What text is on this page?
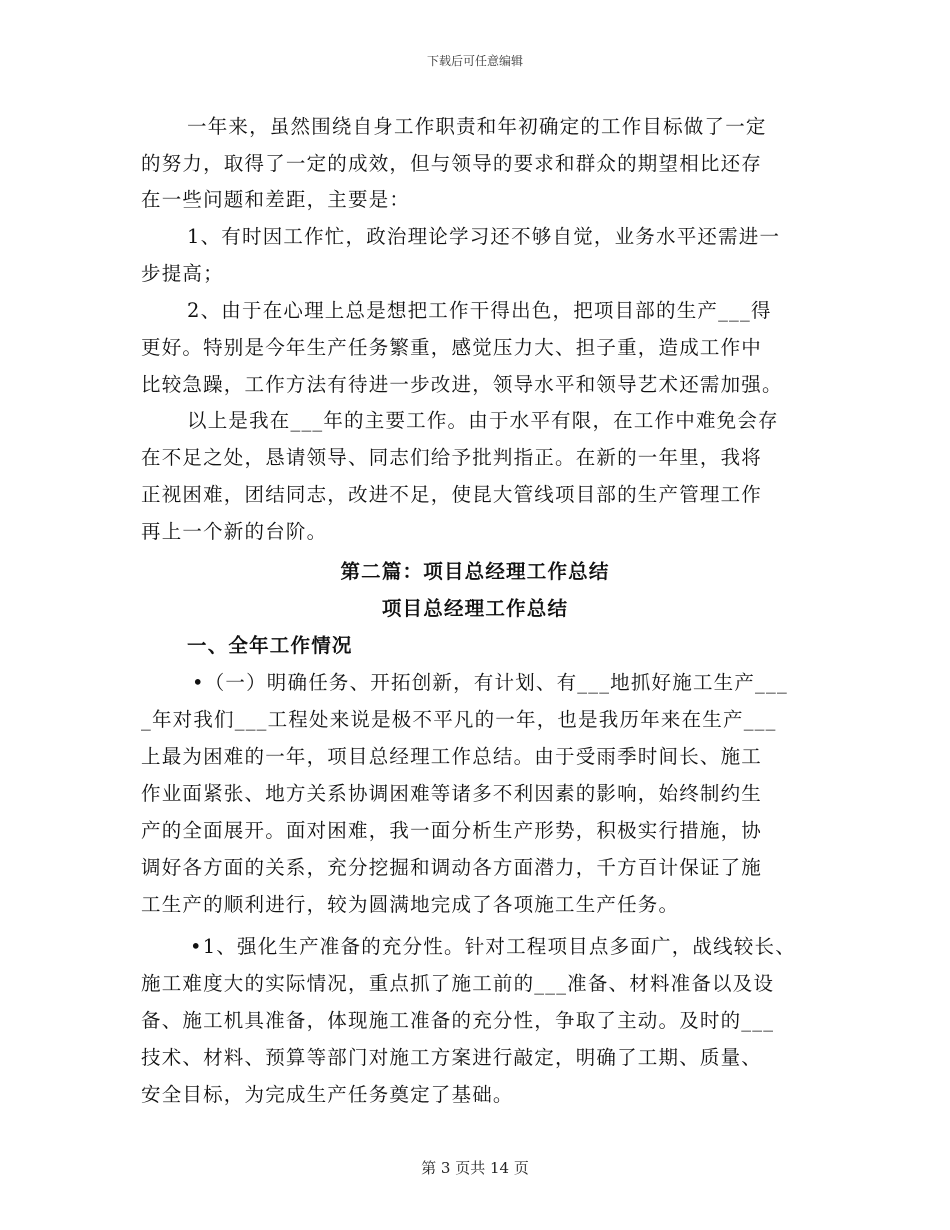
下载后可任意编辑
一年来，虽然围绕自身工作职责和年初确定的工作目标做了一定
的努力，取得了一定的成效，但与领导的要求和群众的期望相比还存
在一些问题和差距，主要是：
1、有时因工作忙，政治理论学习还不够自觉，业务水平还需进一
步提高；
2、由于在心理上总是想把工作干得出色，把项目部的生产___得
更好。特别是今年生产任务繁重，感觉压力大、担子重，造成工作中
比较急躁，工作方法有待进一步改进，领导水平和领导艺术还需加强。
以上是我在___年的主要工作。由于水平有限，在工作中难免会存
在不足之处，恳请领导、同志们给予批判指正。在新的一年里，我将
正视困难，团结同志，改进不足，使昆大管线项目部的生产管理工作
再上一个新的台阶。
第二篇：项目总经理工作总结
项目总经理工作总结
一、全年工作情况
•（一）明确任务、开拓创新，有计划、有___地抓好施工生产___
_年对我们___工程处来说是极不平凡的一年，也是我历年来在生产___
上最为困难的一年，项目总经理工作总结。由于受雨季时间长、施工
作业面紧张、地方关系协调困难等诸多不利因素的影响，始终制约生
产的全面展开。面对困难，我一面分析生产形势，积极实行措施，协
调好各方面的关系，充分挖掘和调动各方面潜力，千方百计保证了施
工生产的顺利进行，较为圆满地完成了各项施工生产任务。
•1、强化生产准备的充分性。针对工程项目点多面广，战线较长、
施工难度大的实际情况，重点抓了施工前的___准备、材料准备以及设
备、施工机具准备，体现施工准备的充分性，争取了主动。及时的___
技术、材料、预算等部门对施工方案进行敲定，明确了工期、质量、
安全目标，为完成生产任务奠定了基础。
第 3 页共 14 页
